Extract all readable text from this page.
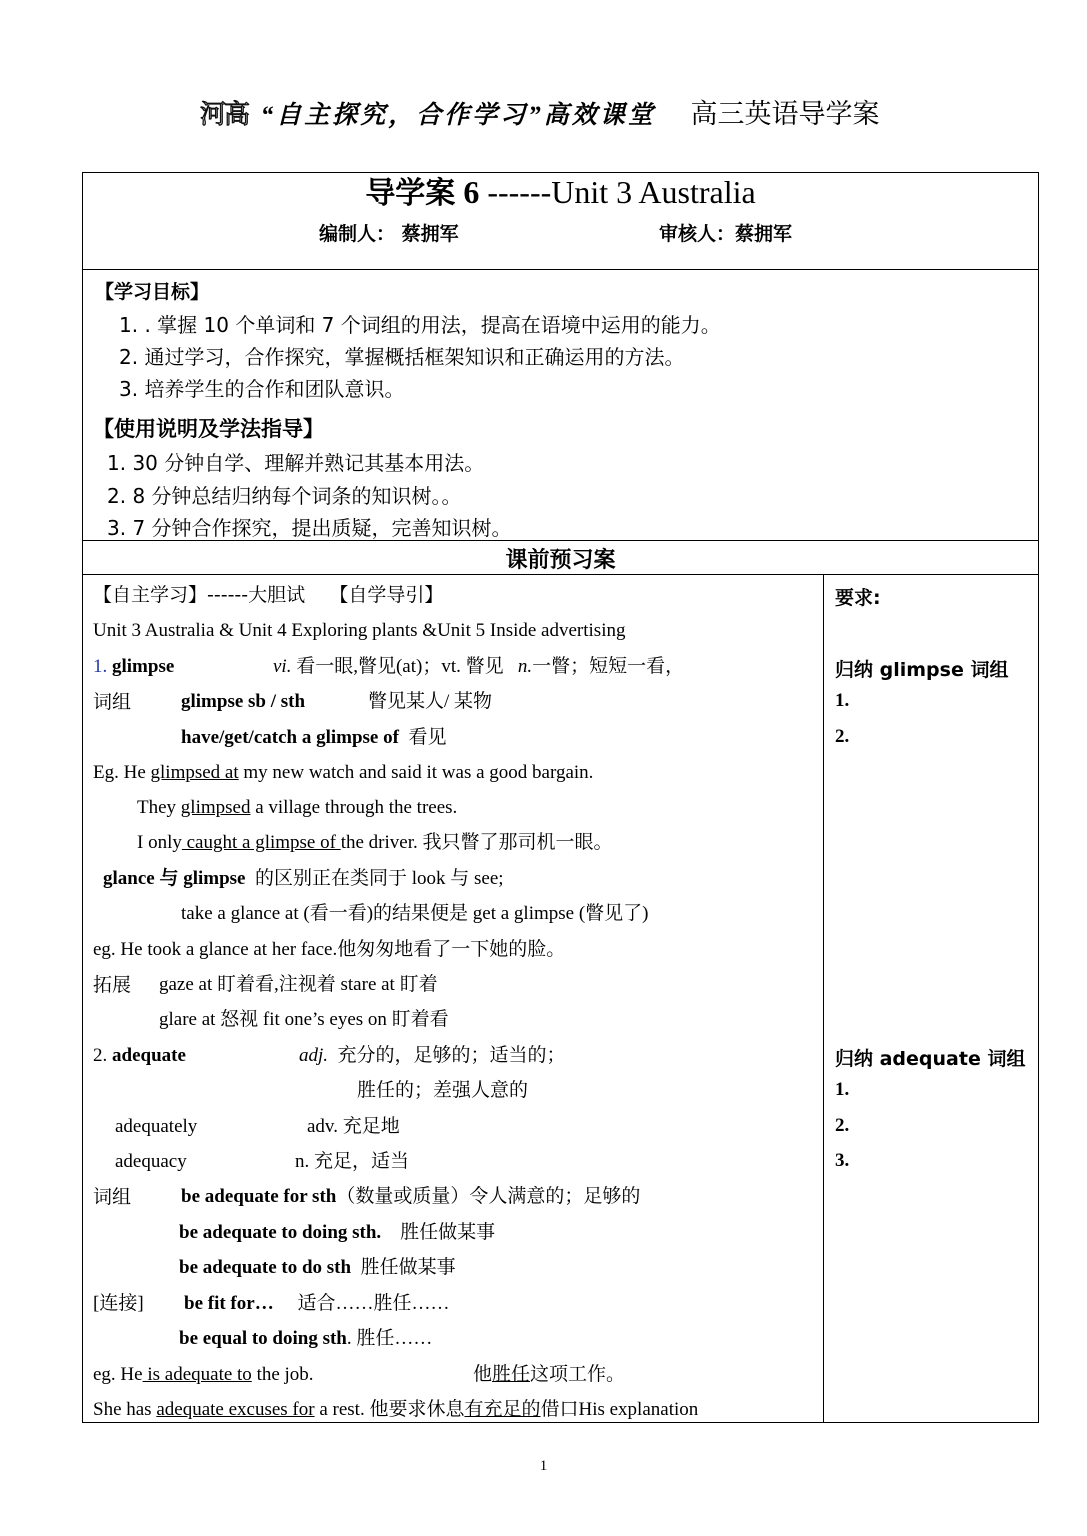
河高 “自主探究，合作学习”高效课堂 高三英语导学案
导学案 6 ------Unit 3 Australia
编制人： 蔡拥军	审核人：蔡拥军
【学习目标】
1. . 掌握 10 个单词和 7 个词组的用法，提高在语境中运用的能力。
2. 通过学习，合作探究，掌握概括框架知识和正确运用的方法。
3. 培养学生的合作和团队意识。
【使用说明及学法指导】
1. 30 分钟自学、理解并熟记其基本用法。
2. 8 分钟总结归纳每个词条的知识树。。
3. 7 分钟合作探究，提出质疑，完善知识树。
课前预习案
【自主学习】------大胆试 【自学导引】
Unit 3 Australia & Unit 4 Exploring plants &Unit 5 Inside advertising
1. glimpse	vi. 看一眼,瞥见(at)；vt. 瞥见 n.一瞥；短短一看，
词组	glimpse sb / sth	瞥见某人/ 某物
have/get/catch a glimpse of 看见
Eg. He glimpsed at my new watch and said it was a good bargain.
They glimpsed a village through the trees.
I only caught a glimpse of the driver. 我只瞥了那司机一眼。
glance 与 glimpse 的区别正在类同于 look 与 see;
take a glance at (看一看)的结果便是 get a glimpse (瞥见了)
eg. He took a glance at her face.他匆匆地看了一下她的脸。
拓展 gaze at 盯着看,注视着 stare at 盯着
glare at 怒视 fit one’s eyes on 盯着看
2. adequate	adj. 充分的，足够的；适当的；
胜任的；差强人意的
adequately	adv. 充足地
adequacy	n. 充足，适当
词组	be adequate for sth（数量或质量）令人满意的；足够的
be adequate to doing sth. 胜任做某事
be adequate to do sth 胜任做某事
[连接] be fit for… 适合……胜任……
be equal to doing sth. 胜任……
eg. He is adequate to the job.	他胜任这项工作。
She has adequate excuses for a rest. 他要求休息有充足的借口His explanation
要求:
归纳 glimpse 词组
1.
2.
归纳 adequate 词组
1.
2.
3.
1
